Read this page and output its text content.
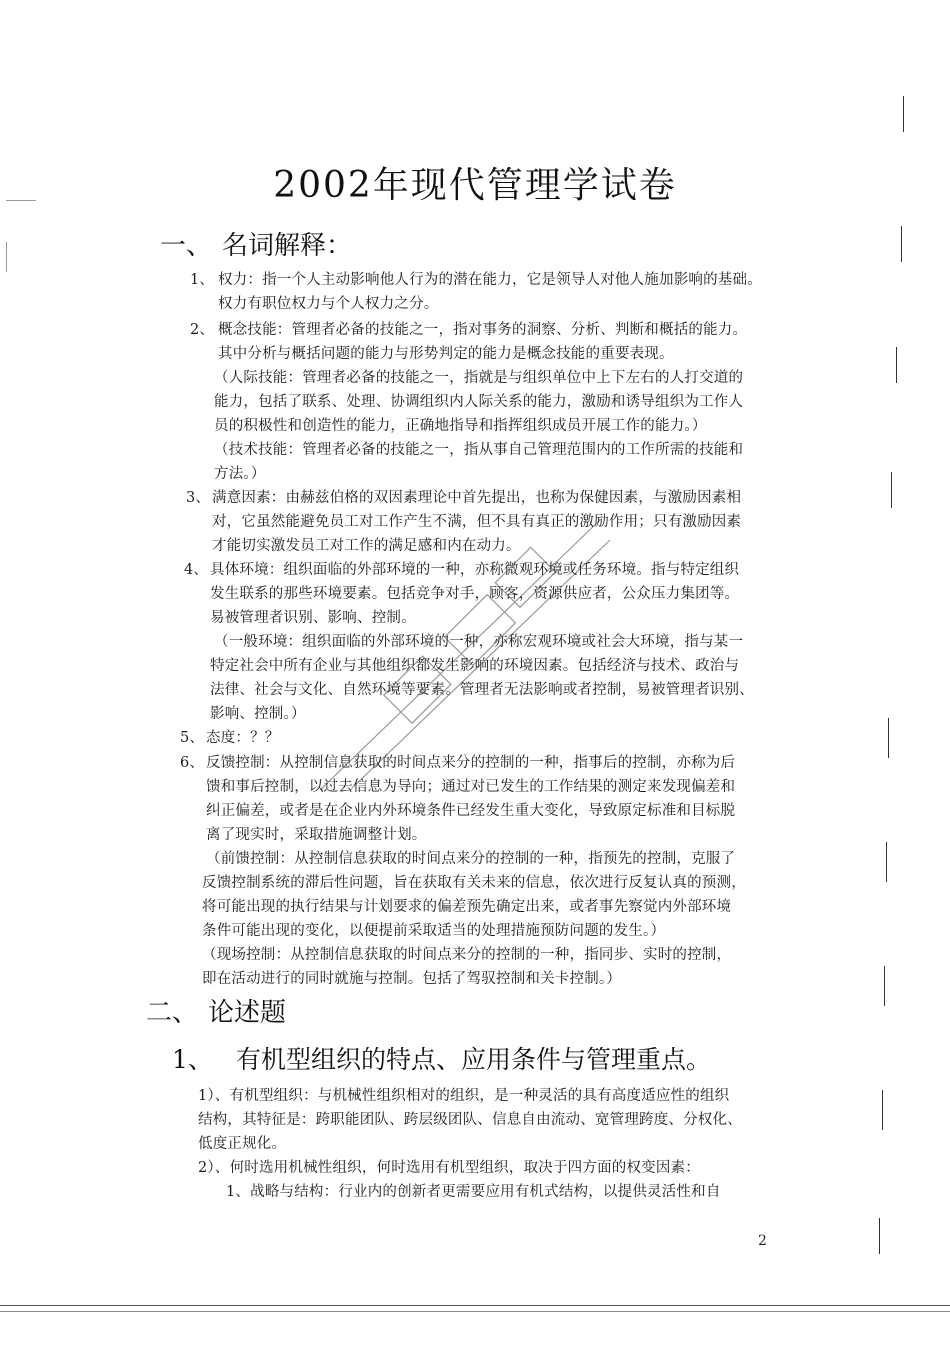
2002年现代管理学试卷
一、 名词解释：
1、 权力：指一个人主动影响他人行为的潜在能力，它是领导人对他人施加影响的基础。
权力有职位权力与个人权力之分。
2、 概念技能：管理者必备的技能之一，指对事务的洞察、分析、判断和概括的能力。
其中分析与概括问题的能力与形势判定的能力是概念技能的重要表现。
（人际技能：管理者必备的技能之一，指就是与组织单位中上下左右的人打交道的
能力，包括了联系、处理、协调组织内人际关系的能力，激励和诱导组织为工作人
员的积极性和创造性的能力，正确地指导和指挥组织成员开展工作的能力。）
（技术技能：管理者必备的技能之一，指从事自己管理范围内的工作所需的技能和
方法。）
3、 满意因素：由赫兹伯格的双因素理论中首先提出，也称为保健因素，与激励因素相
对，它虽然能避免员工对工作产生不满，但不具有真正的激励作用；只有激励因素
才能切实激发员工对工作的满足感和内在动力。
4、 具体环境：组织面临的外部环境的一种，亦称微观环境或任务环境。指与特定组织
发生联系的那些环境要素。包括竞争对手，顾客，资源供应者，公众压力集团等。
易被管理者识别、影响、控制。
（一般环境：组织面临的外部环境的一种，亦称宏观环境或社会大环境，指与某一
特定社会中所有企业与其他组织都发生影响的环境因素。包括经济与技术、政治与
法律、社会与文化、自然环境等要素。管理者无法影响或者控制，易被管理者识别、
影响、控制。）
5、 态度：？？
6、 反馈控制：从控制信息获取的时间点来分的控制的一种，指事后的控制，亦称为后
馈和事后控制，以过去信息为导向；通过对已发生的工作结果的测定来发现偏差和
纠正偏差，或者是在企业内外环境条件已经发生重大变化，导致原定标准和目标脱
离了现实时，采取措施调整计划。
（前馈控制：从控制信息获取的时间点来分的控制的一种，指预先的控制，克服了
反馈控制系统的滞后性问题，旨在获取有关未来的信息，依次进行反复认真的预测，
将可能出现的执行结果与计划要求的偏差预先确定出来，或者事先察觉内外部环境
条件可能出现的变化，以便提前采取适当的处理措施预防问题的发生。）
（现场控制：从控制信息获取的时间点来分的控制的一种，指同步、实时的控制，
即在活动进行的同时就施与控制。包括了驾驭控制和关卡控制。）
二、 论述题
1、 有机型组织的特点、应用条件与管理重点。
1）、有机型组织：与机械性组织相对的组织，是一种灵活的具有高度适应性的组织
结构，其特征是：跨职能团队、跨层级团队、信息自由流动、宽管理跨度、分权化、
低度正规化。
2）、何时选用机械性组织，何时选用有机型组织，取决于四方面的权变因素：
1、战略与结构：行业内的创新者更需要应用有机式结构，以提供灵活性和自
2
